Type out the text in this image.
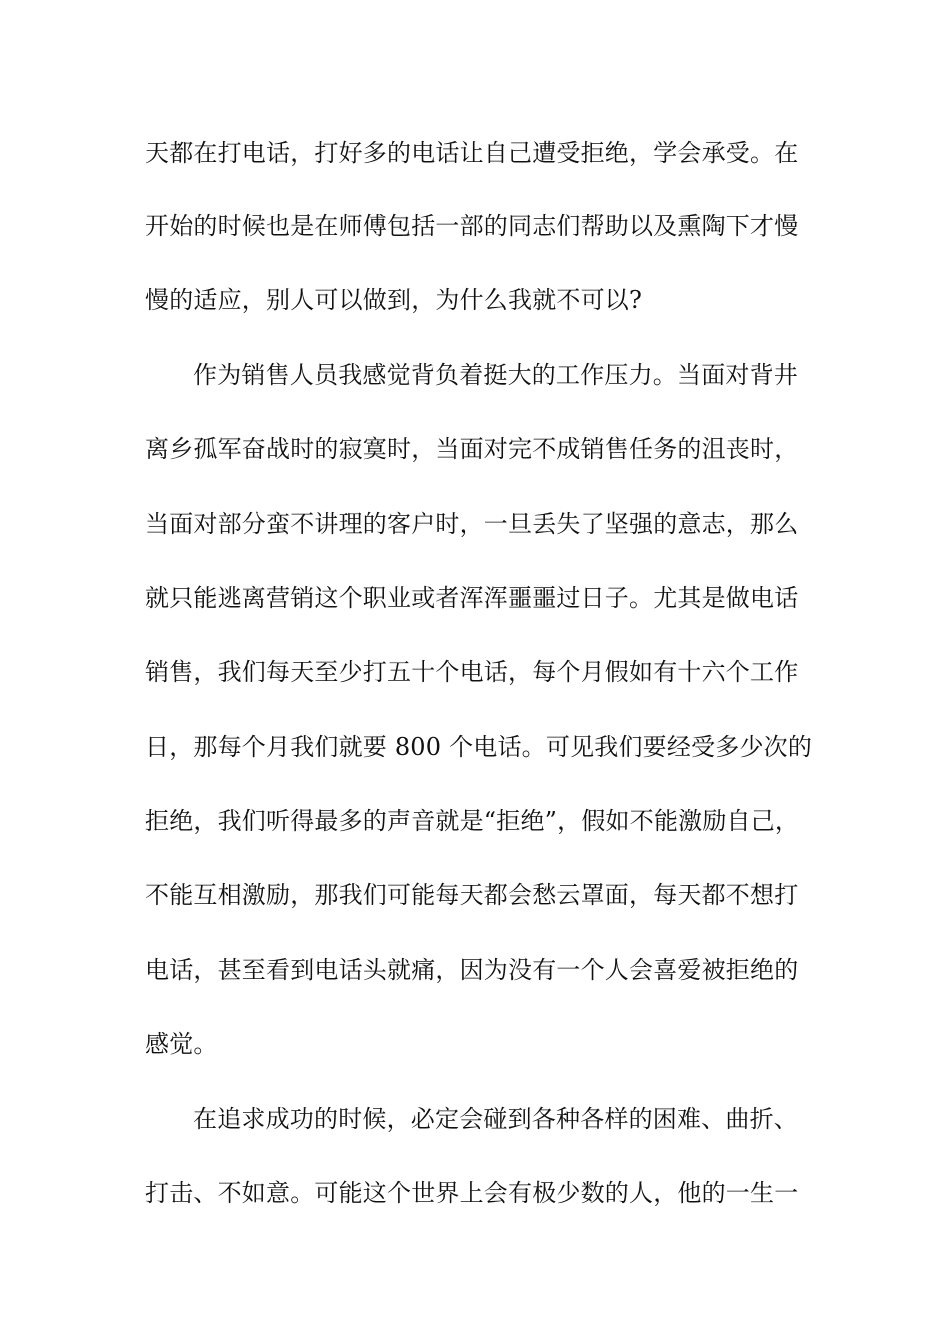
天都在打电话，打好多的电话让自己遭受拒绝，学会承受。在
开始的时候也是在师傅包括一部的同志们帮助以及熏陶下才慢
慢的适应，别人可以做到，为什么我就不可以?
作为销售人员我感觉背负着挺大的工作压力。当面对背井
离乡孤军奋战时的寂寞时，当面对完不成销售任务的沮丧时，
当面对部分蛮不讲理的客户时，一旦丢失了坚强的意志，那么
就只能逃离营销这个职业或者浑浑噩噩过日子。尤其是做电话
销售，我们每天至少打五十个电话，每个月假如有十六个工作
日，那每个月我们就要 800 个电话。可见我们要经受多少次的
拒绝，我们听得最多的声音就是“拒绝”，假如不能激励自己，
不能互相激励，那我们可能每天都会愁云罩面，每天都不想打
电话，甚至看到电话头就痛，因为没有一个人会喜爱被拒绝的
感觉。
在追求成功的时候，必定会碰到各种各样的困难、曲折、
打击、不如意。可能这个世界上会有极少数的人，他的一生一
